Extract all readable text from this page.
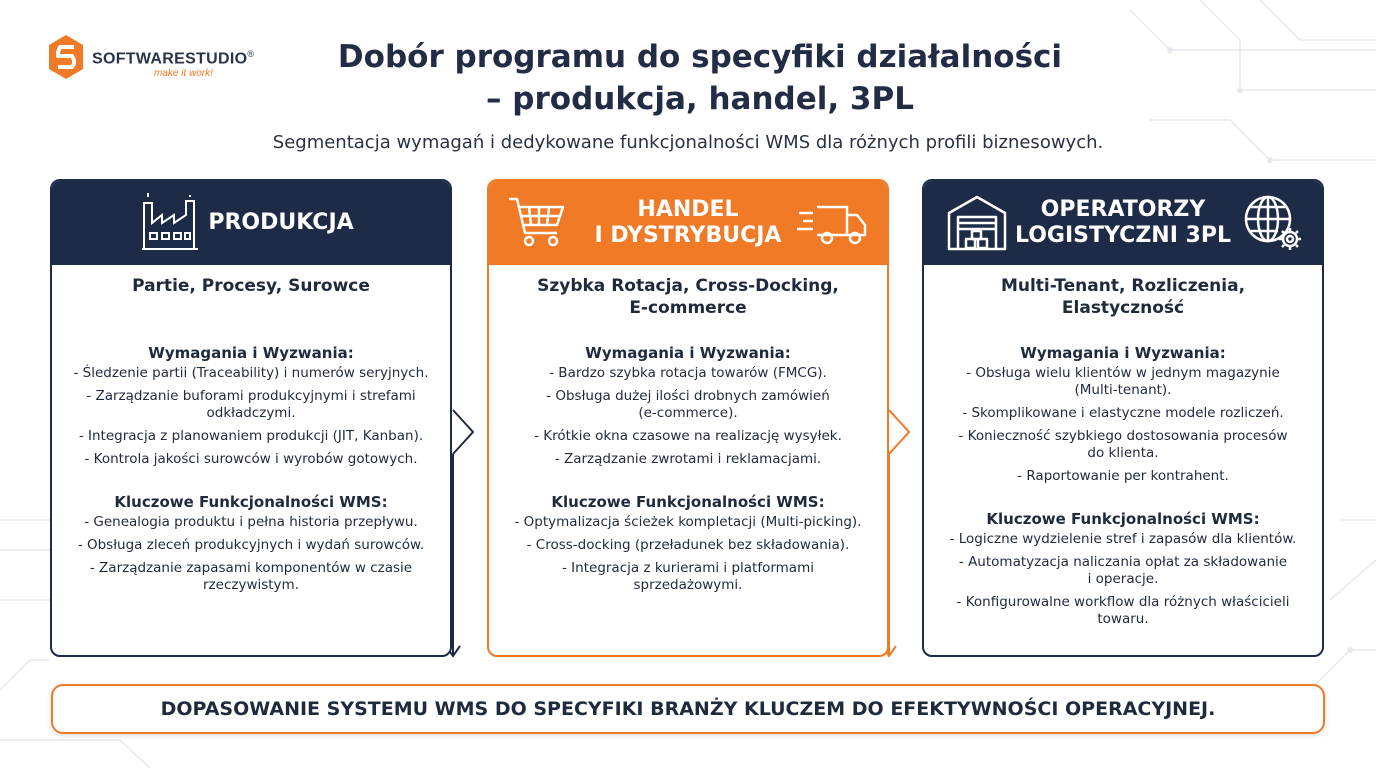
SOFTWARESTUDIO®
make it work!	Dobór programu do specyfiki działalności
– produkcja, handel, 3PL
Segmentacja wymagań i dedykowane funkcjonalności WMS dla różnych profili biznesowych.
PRODUKCJA
Partie, Procesy, Surowce
Wymagania i Wyzwania:
- Śledzenie partii (Traceability) i numerów seryjnych.
- Zarządzanie buforami produkcyjnymi i strefami
odkładczymi.
- Integracja z planowaniem produkcji (JIT, Kanban).
- Kontrola jakości surowców i wyrobów gotowych.
Kluczowe Funkcjonalności WMS:
- Genealogia produktu i pełna historia przepływu.
- Obsługa zleceń produkcyjnych i wydań surowców.
- Zarządzanie zapasami komponentów w czasie
rzeczywistym.
HANDEL
I DYSTRYBUCJA
Szybka Rotacja, Cross-Docking,
E-commerce
Wymagania i Wyzwania:
- Bardzo szybka rotacja towarów (FMCG).
- Obsługa dużej ilości drobnych zamówień
(e-commerce).
- Krótkie okna czasowe na realizację wysyłek.
- Zarządzanie zwrotami i reklamacjami.
Kluczowe Funkcjonalności WMS:
- Optymalizacja ścieżek kompletacji (Multi-picking).
- Cross-docking (przeładunek bez składowania).
- Integracja z kurierami i platformami
sprzedażowymi.
OPERATORZY
LOGISTYCZNI 3PL
Multi-Tenant, Rozliczenia,
Elastyczność
Wymagania i Wyzwania:
- Obsługa wielu klientów w jednym magazynie
(Multi-tenant).
- Skomplikowane i elastyczne modele rozliczeń.
- Konieczność szybkiego dostosowania procesów
do klienta.
- Raportowanie per kontrahent.
Kluczowe Funkcjonalności WMS:
- Logiczne wydzielenie stref i zapasów dla klientów.
- Automatyzacja naliczania opłat za składowanie
i operacje.
- Konfigurowalne workflow dla różnych właścicieli
towaru.
DOPASOWANIE SYSTEMU WMS DO SPECYFIKI BRANŻY KLUCZEM DO EFEKTYWNOŚCI OPERACYJNEJ.
